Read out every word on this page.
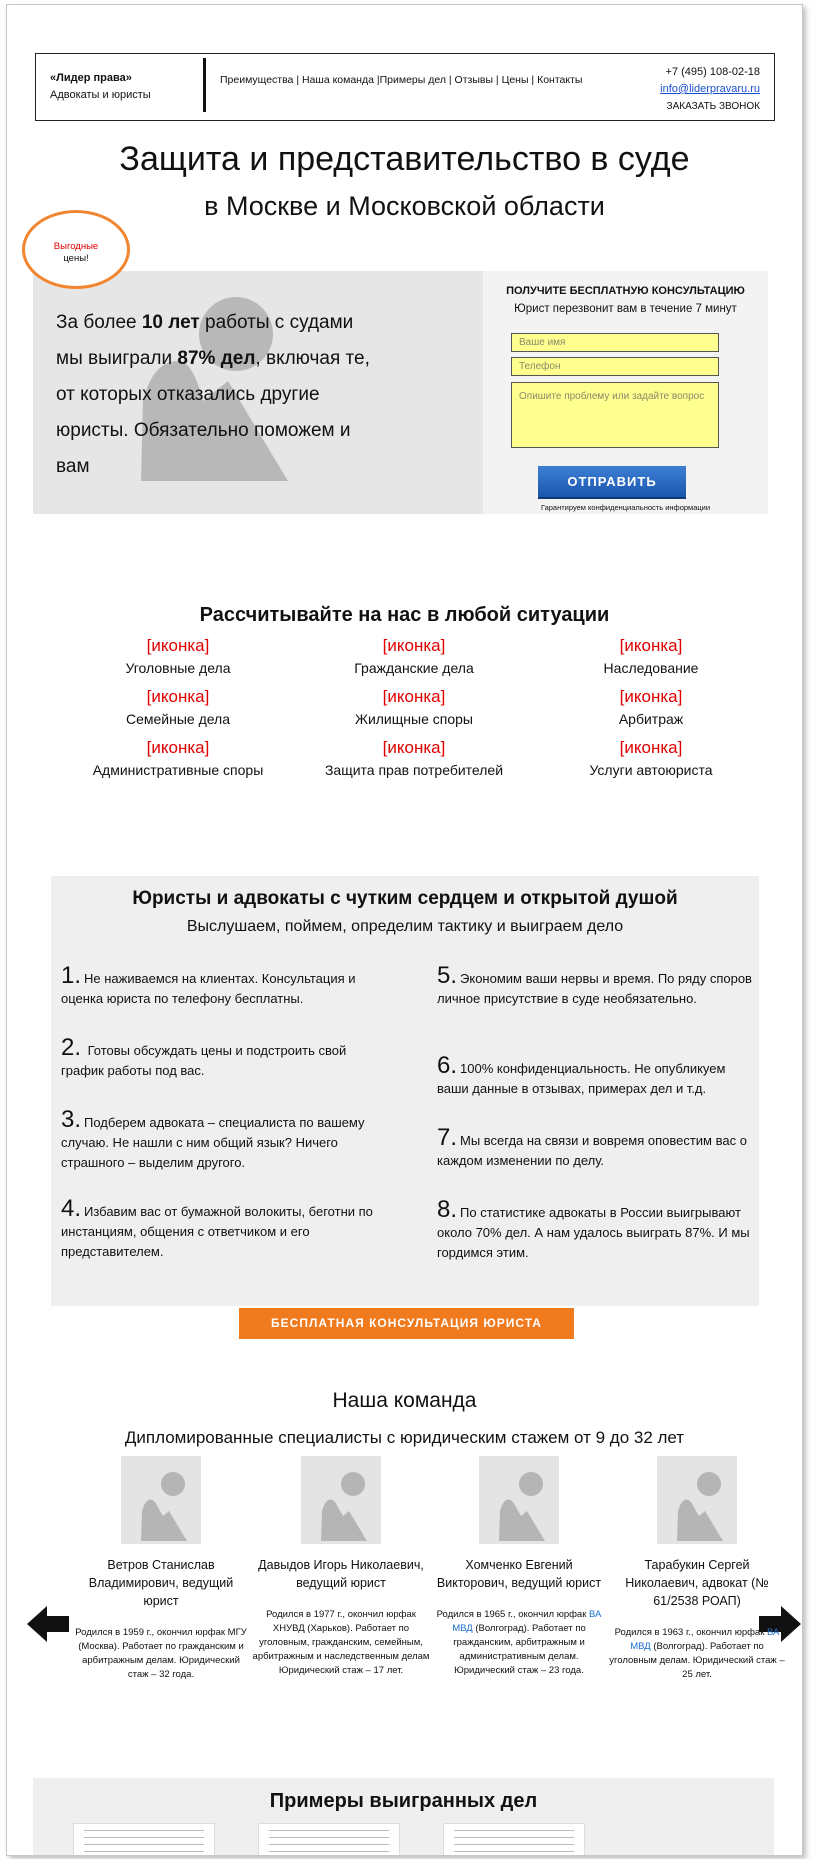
«Лидер права»
Адвокаты и юристы
Преимущества | Наша команда |Примеры дел | Отзывы | Цены | Контакты
+7 (495) 108-02-18
info@liderpravaru.ru
ЗАКАЗАТЬ ЗВОНОК
Защита и представительство в суде
в Москве и Московской области
Выгодные
цены!
За более 10 лет работы с судами мы выиграли 87% дел, включая те, от которых отказались другие юристы. Обязательно поможем и вам
ПОЛУЧИТЕ БЕСПЛАТНУЮ КОНСУЛЬТАЦИЮ
Юрист перезвонит вам в течение 7 минут
Ваше имя
Телефон
Опишите проблему или задайте вопрос
ОТПРАВИТЬ
Гарантируем конфиденциальность информации
Рассчитывайте на нас в любой ситуации
[иконка]
Уголовные дела
[иконка]
Гражданские дела
[иконка]
Наследование
[иконка]
Семейные дела
[иконка]
Жилищные споры
[иконка]
Арбитраж
[иконка]
Административные споры
[иконка]
Защита прав потребителей
[иконка]
Услуги автоюриста
Юристы и адвокаты с чутким сердцем и открытой душой
Выслушаем, поймем, определим тактику и выиграем дело
1. Не наживаемся на клиентах. Консультация и оценка юриста по телефону бесплатны.
2. Готовы обсуждать цены и подстроить свой график работы под вас.
3. Подберем адвоката – специалиста по вашему случаю. Не нашли с ним общий язык? Ничего страшного – выделим другого.
4. Избавим вас от бумажной волокиты, беготни по инстанциям, общения с ответчиком и его представителем.
5. Экономим ваши нервы и время. По ряду споров личное присутствие в суде необязательно.
6. 100% конфиденциальность. Не опубликуем ваши данные в отзывах, примерах дел и т.д.
7. Мы всегда на связи и вовремя оповестим вас о каждом изменении по делу.
8. По статистике адвокаты в России выигрывают около 70% дел. А нам удалось выиграть 87%. И мы гордимся этим.
БЕСПЛАТНАЯ КОНСУЛЬТАЦИЯ ЮРИСТА
Наша команда
Дипломированные специалисты с юридическим стажем от 9 до 32 лет
Ветров Станислав Владимирович, ведущий юрист
Родился в 1959 г., окончил юрфак МГУ (Москва). Работает по гражданским и арбитражным делам. Юридический стаж – 32 года.
Давыдов Игорь Николаевич, ведущий юрист
Родился в 1977 г., окончил юрфак ХНУВД (Харьков). Работает по уголовным, гражданским, семейным, арбитражным и наследственным делам Юридический стаж – 17 лет.
Хомченко Евгений Викторович, ведущий юрист
Родился в 1965 г., окончил юрфак ВА МВД (Волгоград). Работает по гражданским, арбитражным и административным делам. Юридический стаж – 23 года.
Тарабукин Сергей Николаевич, адвокат (№ 61/2538 РОАП)
Родился в 1963 г., окончил юрфак ВА МВД (Волгоград). Работает по уголовным делам. Юридический стаж – 25 лет.
Примеры выигранных дел
